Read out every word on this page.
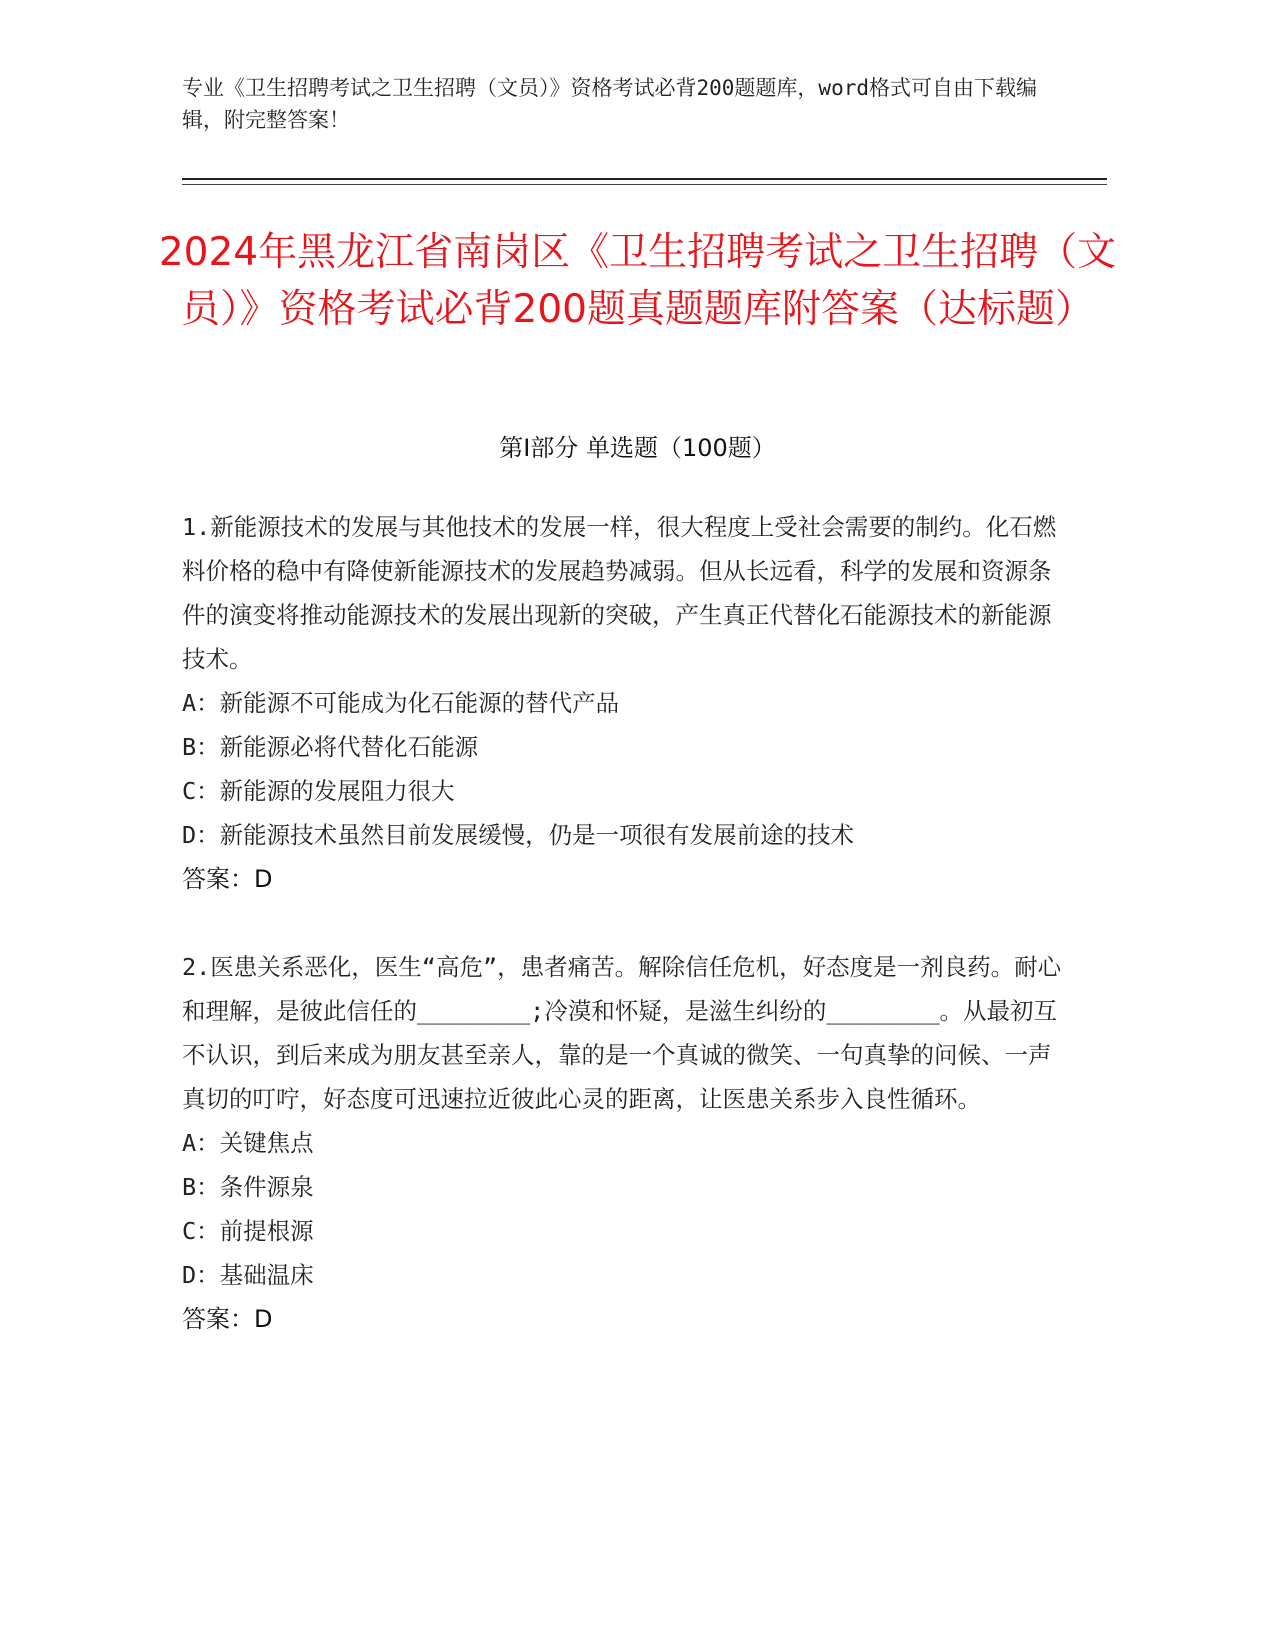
专业《卫生招聘考试之卫生招聘（文员）》资格考试必背200题题库，word格式可自由下载编辑，附完整答案！
2024年黑龙江省南岗区《卫生招聘考试之卫生招聘（文员）》资格考试必背200题真题题库附答案（达标题）
第Ⅰ部分 单选题（100题）
1.新能源技术的发展与其他技术的发展一样，很大程度上受社会需要的制约。化石燃料价格的稳中有降使新能源技术的发展趋势减弱。但从长远看，科学的发展和资源条件的演变将推动能源技术的发展出现新的突破，产生真正代替化石能源技术的新能源技术。
A：新能源不可能成为化石能源的替代产品
B：新能源必将代替化石能源
C：新能源的发展阻力很大
D：新能源技术虽然目前发展缓慢，仍是一项很有发展前途的技术
答案：D
2.医患关系恶化，医生“高危”，患者痛苦。解除信任危机，好态度是一剂良药。耐心和理解，是彼此信任的________;冷漠和怀疑，是滋生纠纷的________。从最初互不认识，到后来成为朋友甚至亲人，靠的是一个真诚的微笑、一句真挚的问候、一声真切的叮咛，好态度可迅速拉近彼此心灵的距离，让医患关系步入良性循环。
A：关键焦点
B：条件源泉
C：前提根源
D：基础温床
答案：D
